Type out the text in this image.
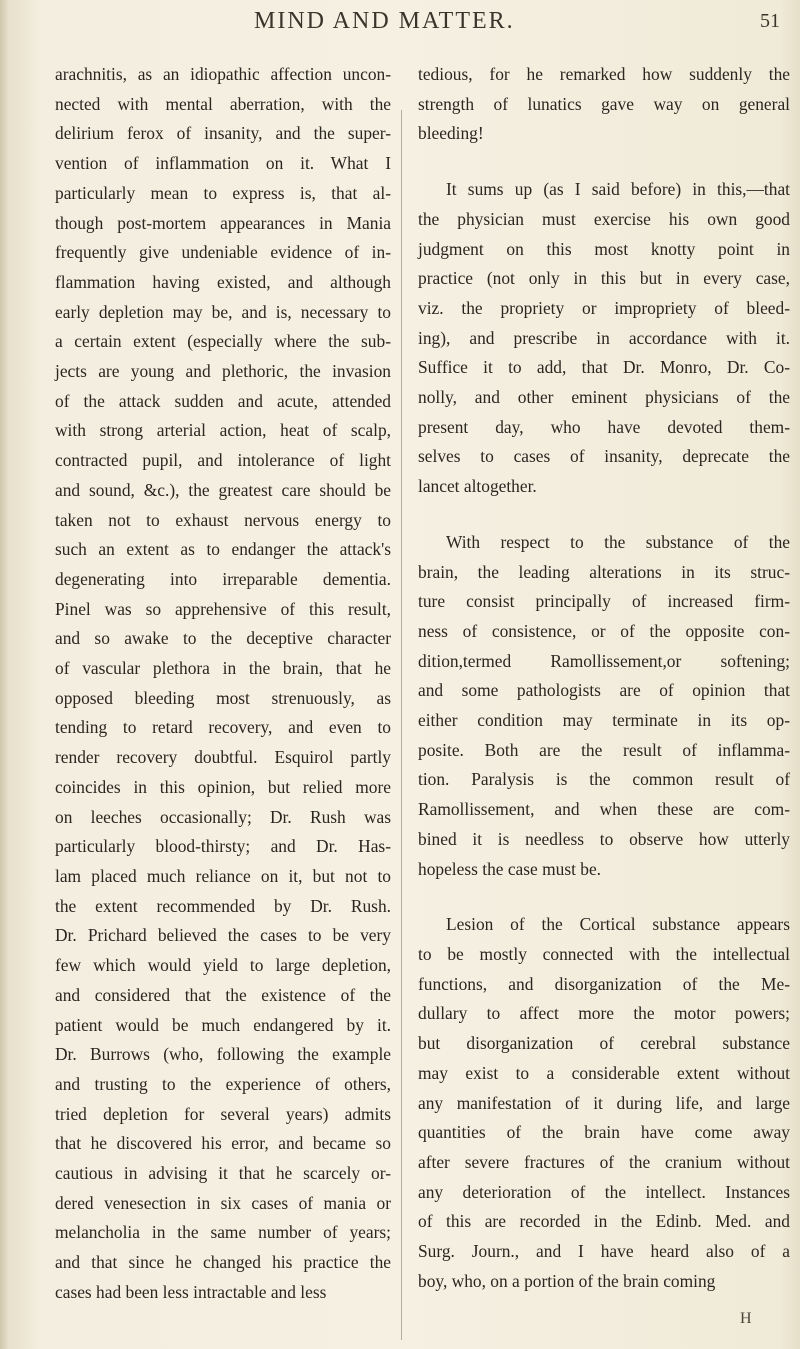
MIND AND MATTER.	51

arachnitis, as an idiopathic affection uncon-

nected with mental aberration, with the

delirium ferox of insanity, and the super-

vention of inflammation on it. What I

particularly mean to express is, that al-

though post-mortem appearances in Mania

frequently give undeniable evidence of in-

flammation having existed, and although

early depletion may be, and is, necessary to

a certain extent (especially where the sub-

jects are young and plethoric, the invasion

of the attack sudden and acute, attended

with strong arterial action, heat of scalp,

contracted pupil, and intolerance of light

and sound, &c.), the greatest care should be

taken not to exhaust nervous energy to

such an extent as to endanger the attack's

degenerating into irreparable dementia.

Pinel was so apprehensive of this result,

and so awake to the deceptive character

of vascular plethora in the brain, that he

opposed bleeding most strenuously, as

tending to retard recovery, and even to

render recovery doubtful. Esquirol partly

coincides in this opinion, but relied more

on leeches occasionally; Dr. Rush was

particularly blood-thirsty; and Dr. Has-

lam placed much reliance on it, but not to

the extent recommended by Dr. Rush.

Dr. Prichard believed the cases to be very

few which would yield to large depletion,

and considered that the existence of the

patient would be much endangered by it.

Dr. Burrows (who, following the example

and trusting to the experience of others,

tried depletion for several years) admits

that he discovered his error, and became so

cautious in advising it that he scarcely or-

dered venesection in six cases of mania or

melancholia in the same number of years;

and that since he changed his practice the

cases had been less intractable and less

tedious, for he remarked how suddenly the

strength of lunatics gave way on general

bleeding!

It sums up (as I said before) in this,—that

the physician must exercise his own good

judgment on this most knotty point in

practice (not only in this but in every case,

viz. the propriety or impropriety of bleed-

ing), and prescribe in accordance with it.

Suffice it to add, that Dr. Monro, Dr. Co-

nolly, and other eminent physicians of the

present day, who have devoted them-

selves to cases of insanity, deprecate the

lancet altogether.

With respect to the substance of the

brain, the leading alterations in its struc-

ture consist principally of increased firm-

ness of consistence, or of the opposite con-

dition,termed Ramollissement,or softening;

and some pathologists are of opinion that

either condition may terminate in its op-

posite. Both are the result of inflamma-

tion. Paralysis is the common result of

Ramollissement, and when these are com-

bined it is needless to observe how utterly

hopeless the case must be.

Lesion of the Cortical substance appears

to be mostly connected with the intellectual

functions, and disorganization of the Me-

dullary to affect more the motor powers;

but disorganization of cerebral substance

may exist to a considerable extent without

any manifestation of it during life, and large

quantities of the brain have come away

after severe fractures of the cranium without

any deterioration of the intellect. Instances

of this are recorded in the Edinb. Med. and

Surg. Journ., and I have heard also of a

boy, who, on a portion of the brain coming

H
